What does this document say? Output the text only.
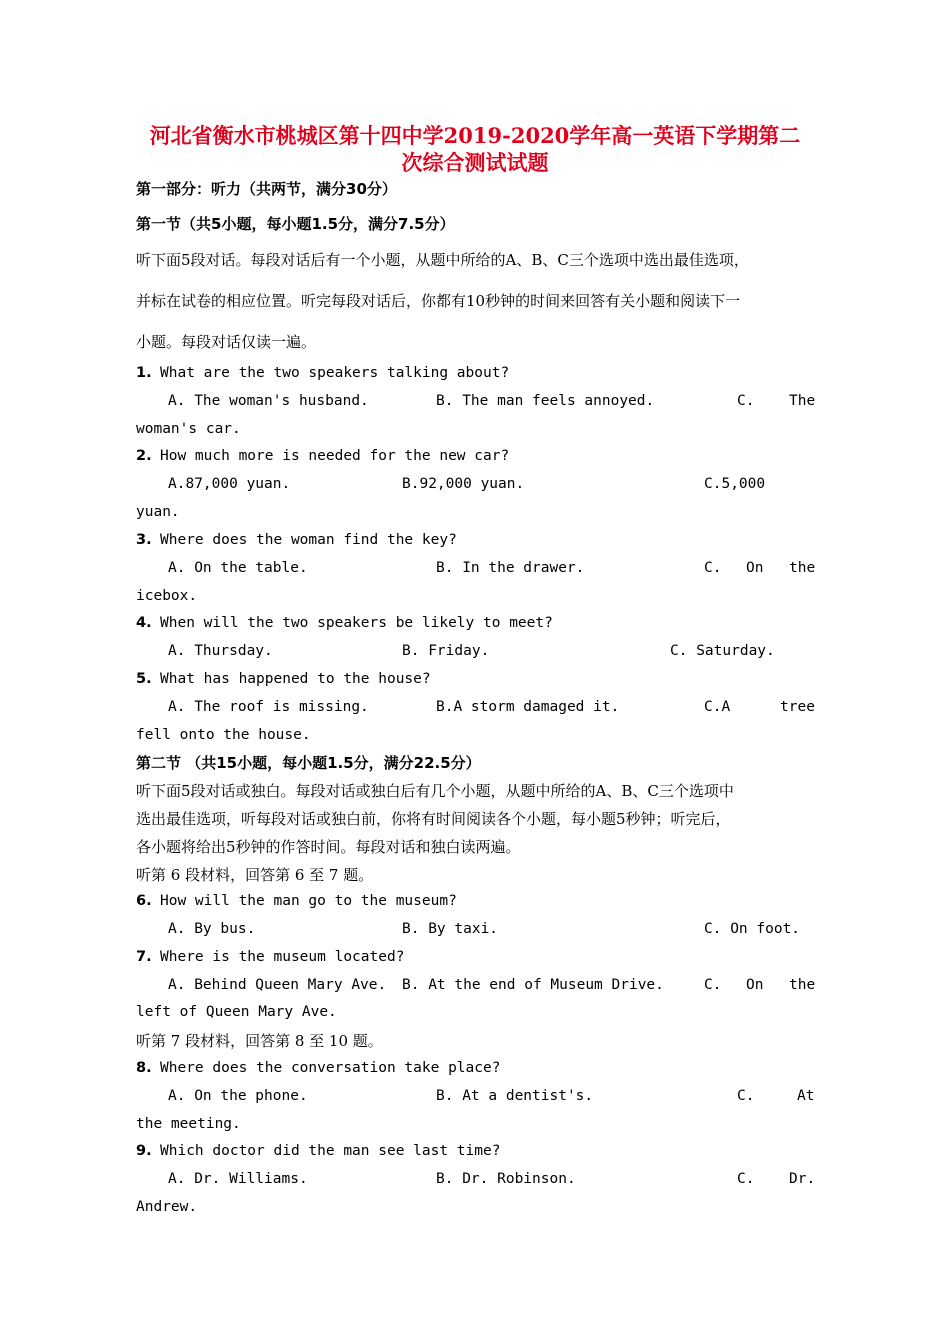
河北省衡水市桃城区第十四中学2019-2020学年高一英语下学期第二
次综合测试试题
第一部分：听力（共两节，满分30分）
第一节（共5小题，每小题1.5分，满分7.5分）
听下面5段对话。每段对话后有一个小题，从题中所给的A、B、C三个选项中选出最佳选项，
并标在试卷的相应位置。听完每段对话后，你都有10秒钟的时间来回答有关小题和阅读下一
小题。每段对话仅读一遍。
1. What are the two speakers talking about?
A. The woman's husband.	B. The man feels annoyed.	C. The
woman's car.
2. How much more is needed for the new car?
A.87,000 yuan.	B.92,000 yuan.	C.5,000
yuan.
3. Where does the woman find the key?
A. On the table.	B. In the drawer.	C. On the
icebox.
4. When will the two speakers be likely to meet?
A. Thursday.	B. Friday.	C. Saturday.
5. What has happened to the house?
A. The roof is missing.	B.A storm damaged it.	C.A	tree
fell onto the house.
第二节 （共15小题，每小题1.5分，满分22.5分）
听下面5段对话或独白。每段对话或独白后有几个小题，从题中所给的A、B、C三个选项中
选出最佳选项，听每段对话或独白前，你将有时间阅读各个小题，每小题5秒钟；听完后，
各小题将给出5秒钟的作答时间。每段对话和独白读两遍。
听第 6 段材料，回答第 6 至 7 题。
6. How will the man go to the museum?
A. By bus.	B. By taxi.	C. On foot.
7. Where is the museum located?
A. Behind Queen Mary Ave. B. At the end of Museum Drive.	C. On the
left of Queen Mary Ave.
听第 7 段材料，回答第 8 至 10 题。
8. Where does the conversation take place?
A. On the phone.	B. At a dentist's.	C.	At
the meeting.
9. Which doctor did the man see last time?
A. Dr. Williams.	B. Dr. Robinson.	C. Dr.
Andrew.
